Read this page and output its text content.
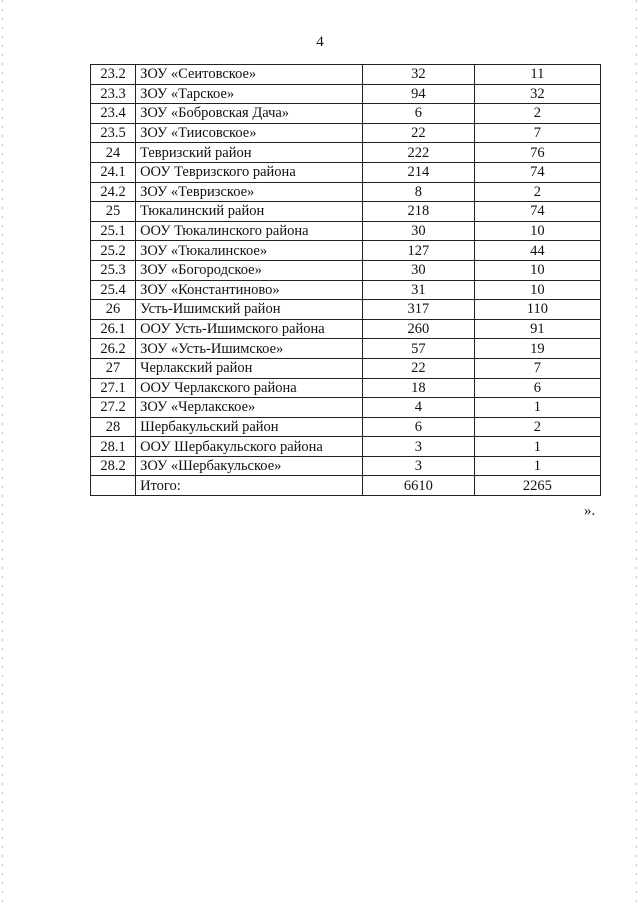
4
23.2	ЗОУ «Сеитовское»	32	11
23.3	ЗОУ «Тарское»	94	32
23.4	ЗОУ «Бобровская Дача»	6	2
23.5	ЗОУ «Тиисовское»	22	7
24	Тевризский район	222	76
24.1	ООУ Тевризского района	214	74
24.2	ЗОУ «Тевризское»	8	2
25	Тюкалинский район	218	74
25.1	ООУ Тюкалинского района	30	10
25.2	ЗОУ «Тюкалинское»	127	44
25.3	ЗОУ «Богородское»	30	10
25.4	ЗОУ «Константиново»	31	10
26	Усть-Ишимский район	317	110
26.1	ООУ Усть-Ишимского района	260	91
26.2	ЗОУ «Усть-Ишимское»	57	19
27	Черлакский район	22	7
27.1	ООУ Черлакского района	18	6
27.2	ЗОУ «Черлакское»	4	1
28	Шербакульский район	6	2
28.1	ООУ Шербакульского района	3	1
28.2	ЗОУ «Шербакульское»	3	1
	Итого:	6610	2265
».
